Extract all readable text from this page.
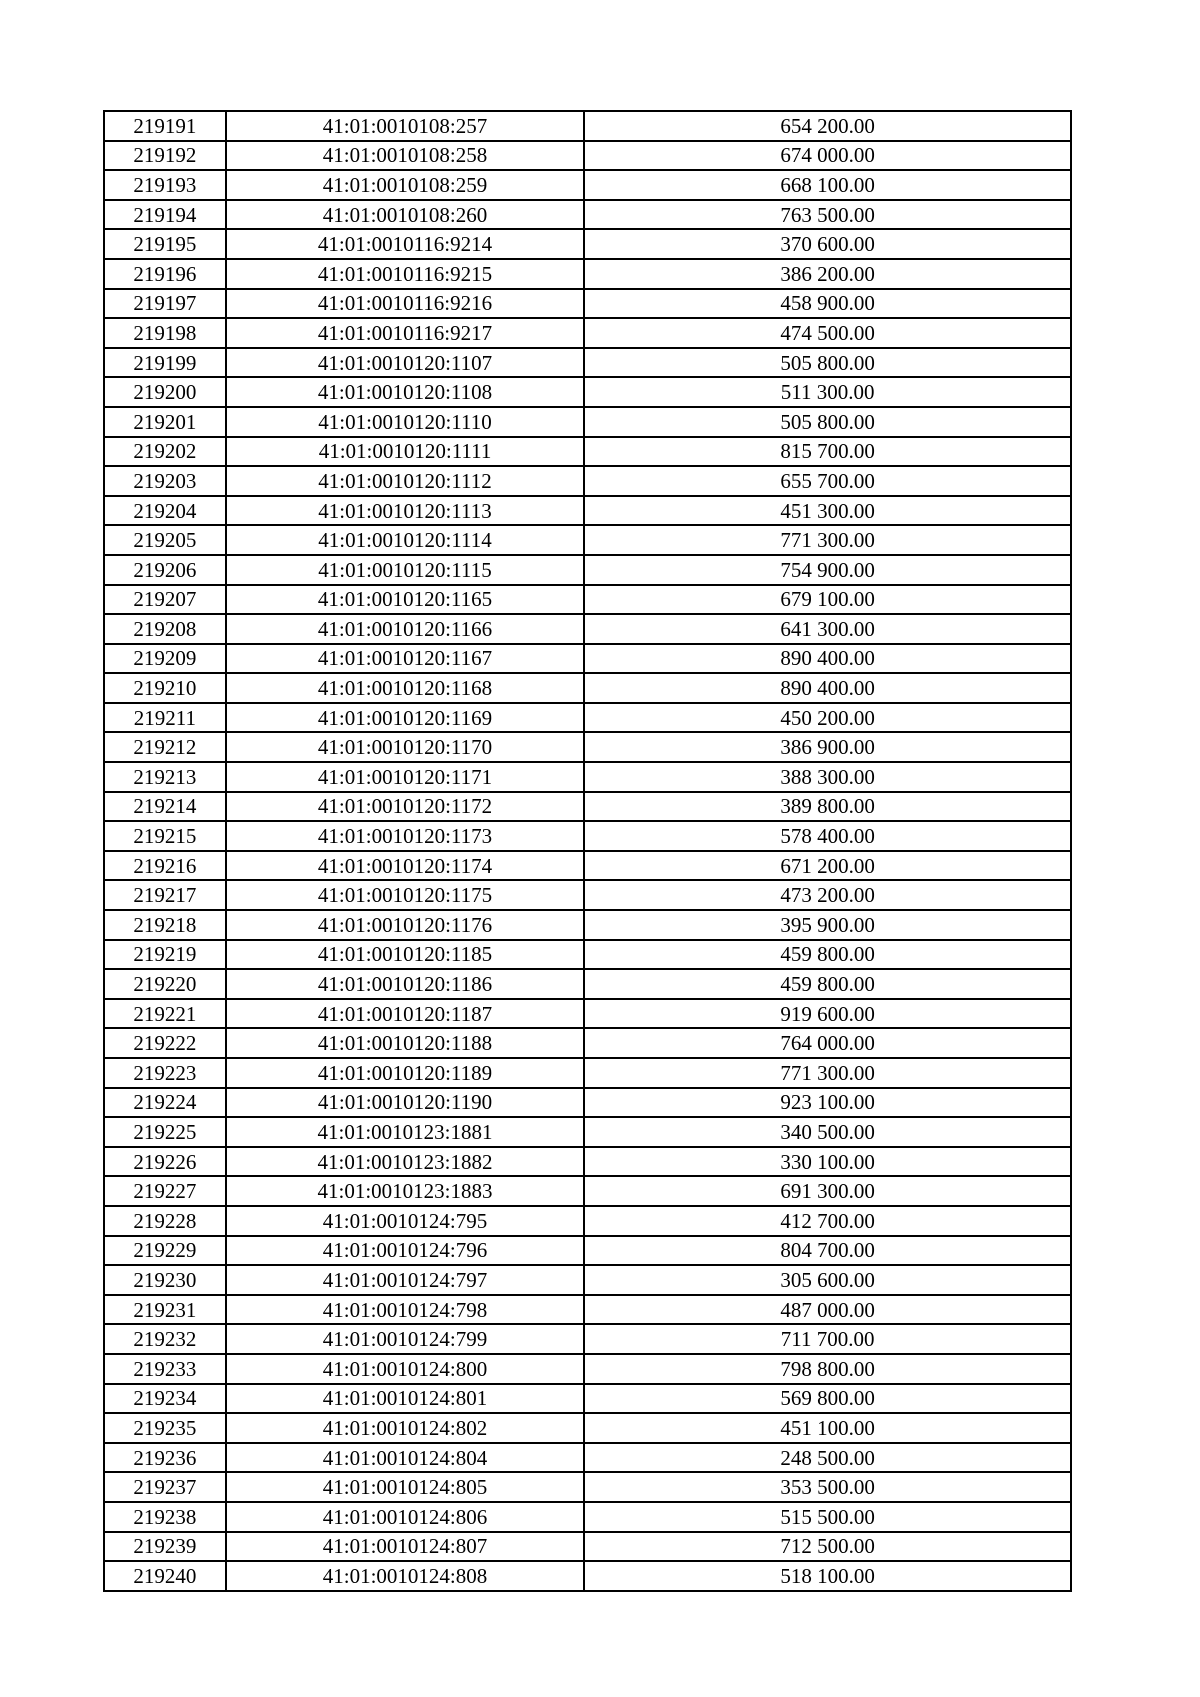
219191	41:01:0010108:257	654 200.00
219192	41:01:0010108:258	674 000.00
219193	41:01:0010108:259	668 100.00
219194	41:01:0010108:260	763 500.00
219195	41:01:0010116:9214	370 600.00
219196	41:01:0010116:9215	386 200.00
219197	41:01:0010116:9216	458 900.00
219198	41:01:0010116:9217	474 500.00
219199	41:01:0010120:1107	505 800.00
219200	41:01:0010120:1108	511 300.00
219201	41:01:0010120:1110	505 800.00
219202	41:01:0010120:1111	815 700.00
219203	41:01:0010120:1112	655 700.00
219204	41:01:0010120:1113	451 300.00
219205	41:01:0010120:1114	771 300.00
219206	41:01:0010120:1115	754 900.00
219207	41:01:0010120:1165	679 100.00
219208	41:01:0010120:1166	641 300.00
219209	41:01:0010120:1167	890 400.00
219210	41:01:0010120:1168	890 400.00
219211	41:01:0010120:1169	450 200.00
219212	41:01:0010120:1170	386 900.00
219213	41:01:0010120:1171	388 300.00
219214	41:01:0010120:1172	389 800.00
219215	41:01:0010120:1173	578 400.00
219216	41:01:0010120:1174	671 200.00
219217	41:01:0010120:1175	473 200.00
219218	41:01:0010120:1176	395 900.00
219219	41:01:0010120:1185	459 800.00
219220	41:01:0010120:1186	459 800.00
219221	41:01:0010120:1187	919 600.00
219222	41:01:0010120:1188	764 000.00
219223	41:01:0010120:1189	771 300.00
219224	41:01:0010120:1190	923 100.00
219225	41:01:0010123:1881	340 500.00
219226	41:01:0010123:1882	330 100.00
219227	41:01:0010123:1883	691 300.00
219228	41:01:0010124:795	412 700.00
219229	41:01:0010124:796	804 700.00
219230	41:01:0010124:797	305 600.00
219231	41:01:0010124:798	487 000.00
219232	41:01:0010124:799	711 700.00
219233	41:01:0010124:800	798 800.00
219234	41:01:0010124:801	569 800.00
219235	41:01:0010124:802	451 100.00
219236	41:01:0010124:804	248 500.00
219237	41:01:0010124:805	353 500.00
219238	41:01:0010124:806	515 500.00
219239	41:01:0010124:807	712 500.00
219240	41:01:0010124:808	518 100.00
